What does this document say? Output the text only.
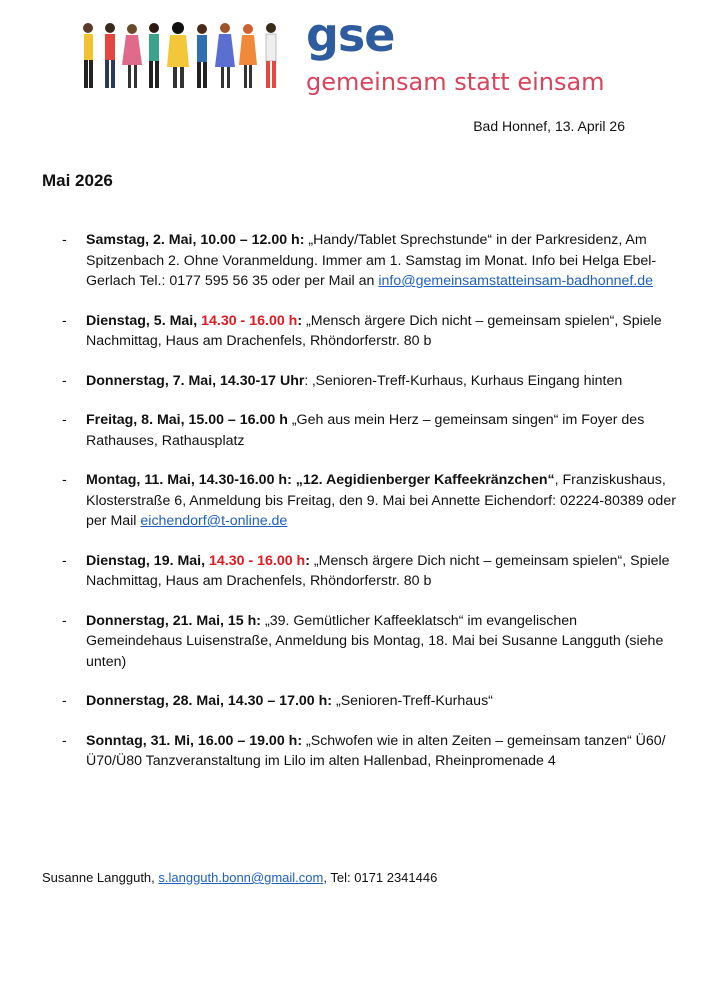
gse
gemeinsam statt einsam
Bad Honnef, 13. April 26
Mai 2026
- Samstag, 2. Mai, 10.00 – 12.00 h: „Handy/Tablet Sprechstunde“ in der Parkresidenz, Am Spitzenbach 2. Ohne Voranmeldung. Immer am 1. Samstag im Monat. Info bei Helga Ebel-Gerlach Tel.: 0177 595 56 35 oder per Mail an info@gemeinsamstatteinsam-badhonnef.de
- Dienstag, 5. Mai, 14.30 - 16.00 h: „Mensch ärgere Dich nicht – gemeinsam spielen“, Spiele Nachmittag, Haus am Drachenfels, Rhöndorferstr. 80 b
- Donnerstag, 7. Mai, 14.30-17 Uhr: ‚Senioren-Treff-Kurhaus, Kurhaus Eingang hinten
- Freitag, 8. Mai, 15.00 – 16.00 h „Geh aus mein Herz – gemeinsam singen“ im Foyer des Rathauses, Rathausplatz
- Montag, 11. Mai, 14.30-16.00 h: „12. Aegidienberger Kaffeekränzchen“, Franziskushaus, Klosterstraße 6, Anmeldung bis Freitag, den 9. Mai bei Annette Eichendorf: 02224-80389 oder per Mail eichendorf@t-online.de
- Dienstag, 19. Mai, 14.30 - 16.00 h: „Mensch ärgere Dich nicht – gemeinsam spielen“, Spiele Nachmittag, Haus am Drachenfels, Rhöndorferstr. 80 b
- Donnerstag, 21. Mai, 15 h: „39. Gemütlicher Kaffeeklatsch“ im evangelischen Gemeindehaus Luisenstraße, Anmeldung bis Montag, 18. Mai bei Susanne Langguth (siehe unten)
- Donnerstag, 28. Mai, 14.30 – 17.00 h: „Senioren-Treff-Kurhaus“
- Sonntag, 31. Mi, 16.00 – 19.00 h: „Schwofen wie in alten Zeiten – gemeinsam tanzen“ Ü60/Ü70/Ü80 Tanzveranstaltung im Lilo im alten Hallenbad, Rheinpromenade 4
Susanne Langguth, s.langguth.bonn@gmail.com, Tel: 0171 2341446
